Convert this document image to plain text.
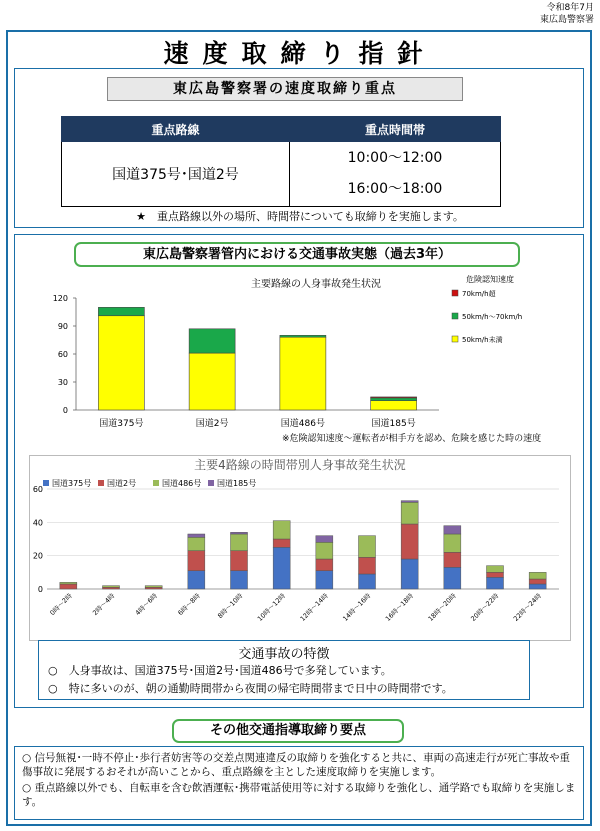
令和8年7月
東広島警察署
速度取締り指針
東広島警察署の速度取締り重点
重点路線	重点時間帯
国道375号･国道2号	10:00～12:00
16:00～18:00
★　重点路線以外の場所、時間帯についても取締りを実施します。
東広島警察署管内における交通事故実態（過去3年）
主要路線の人身事故発生状況
0
30
60
90
120
国道375号	国道2号	国道486号	国道185号
危険認知速度
70km/h超
50km/h～70km/h
50km/h未満
※危険認知速度～運転者が相手方を認め、危険を感じた時の速度
主要4路線の時間帯別人身事故発生状況
0
20
40
60
国道375号 国道2号	国道486号 国道185号
0時～2時	2時～4時	4時～6時	6時～8時 8時～10時 10時～12時 12時～14時 14時～16時 16時～18時 18時～20時 20時～22時 22時～24時
交通事故の特徴
○　人身事故は、国道375号･国道2号･国道486号で多発しています。
○　特に多いのが、朝の通勤時間帯から夜間の帰宅時間帯まで日中の時間帯です。
その他交通指導取締り要点
○ 信号無視･一時不停止･歩行者妨害等の交差点関連違反の取締りを強化すると共に、車両の高速走行が死亡事故や重傷事故に発展するおそれが高いことから、重点路線を主とした速度取締りを実施します。
○ 重点路線以外でも、自転車を含む飲酒運転･携帯電話使用等に対する取締りを強化し、通学路でも取締りを実施します。
